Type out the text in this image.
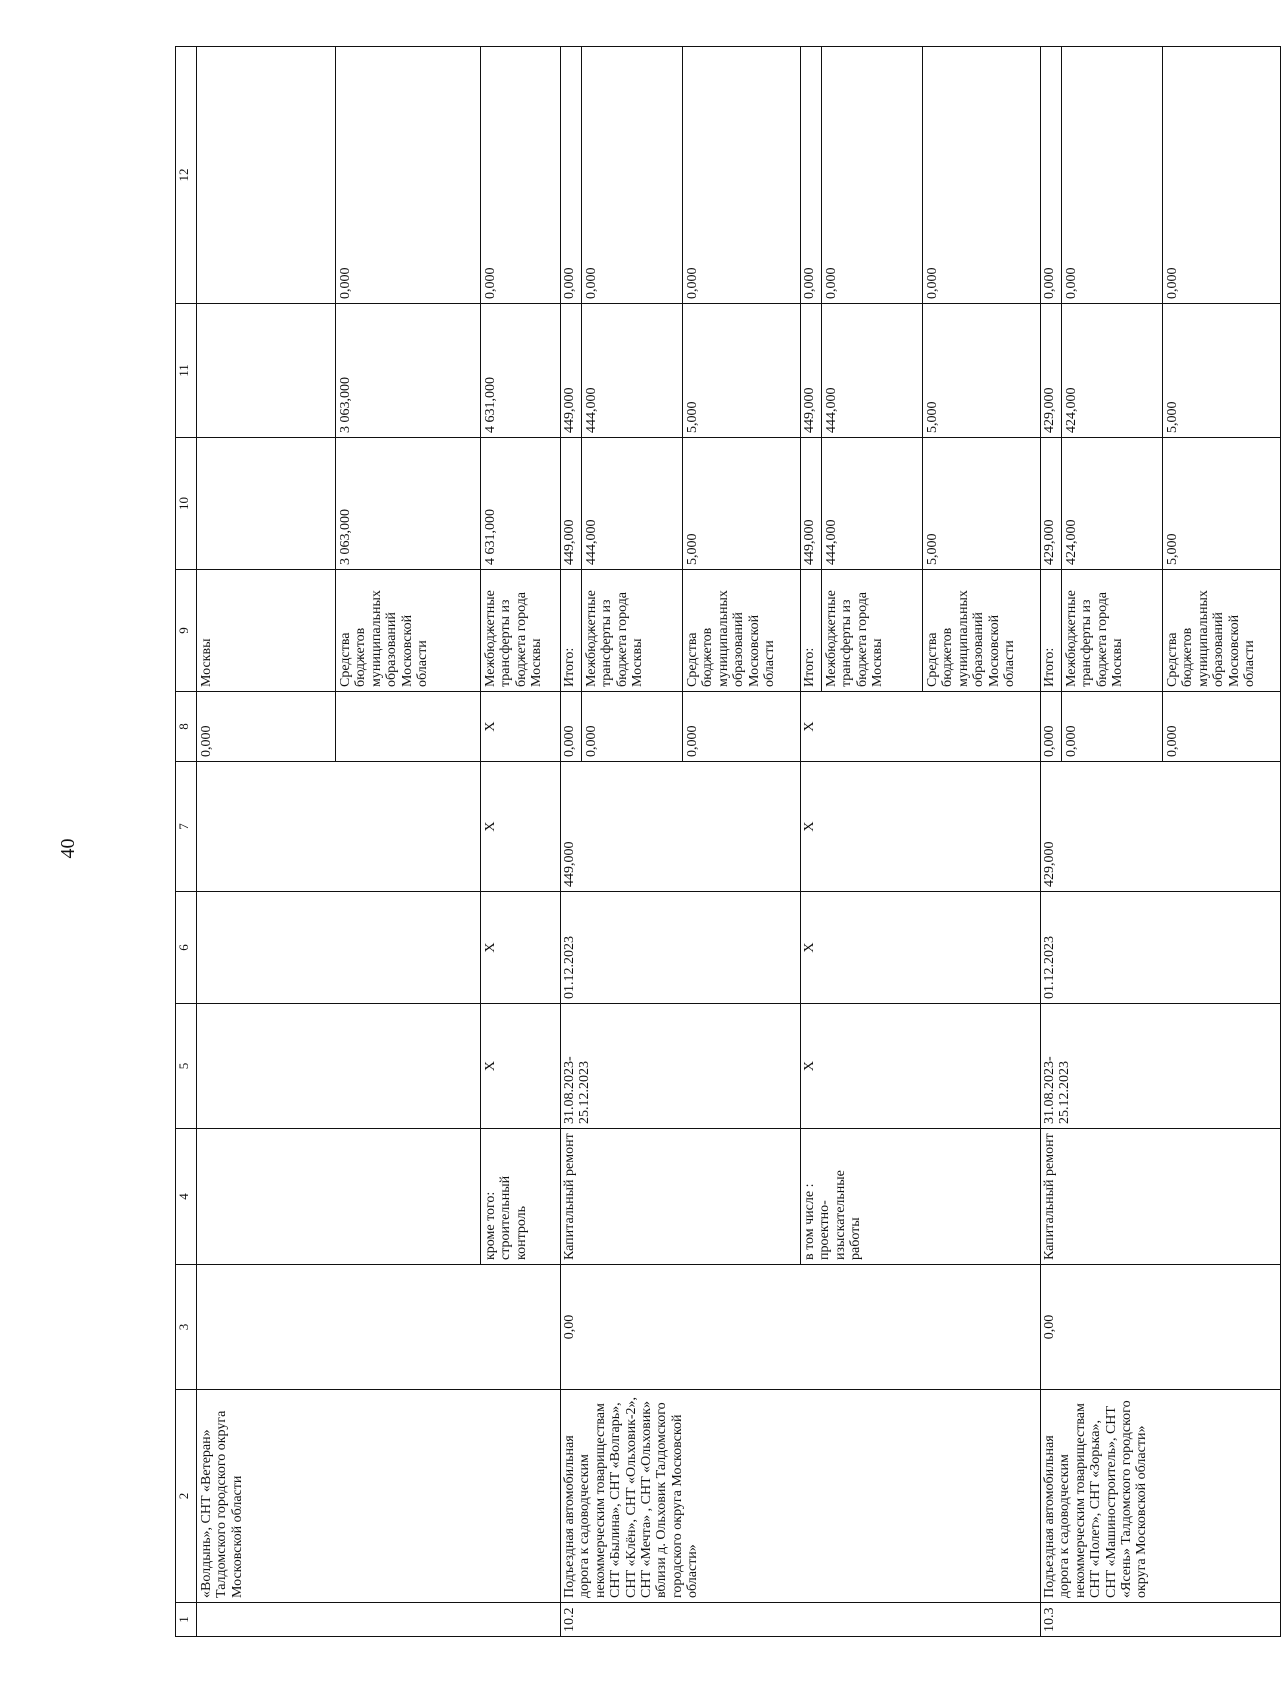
40
1	2	3	4	5	6	7	8	9	10	11	12
	«Волдынь», СНТ «Ветеран» Талдомского городского округа Московской области						0,000	Москвы			
								Средства бюджетов муниципальных образований Московской области	3 063,000	3 063,000	0,000
			кроме того: строительный контроль	Х	Х	Х	Х	Межбюджетные трансферты из бюджета города Москвы	4 631,000	4 631,000	0,000
10.2	Подъездная автомобильная дорога к садоводческим некоммерческим товариществам СНТ «Былина», СНТ «Волгарь», СНТ «Клён», СНТ «Ольховик-2», СНТ «Мечта» , СНТ «Ольховик» вблизи д. Ольховик Талдомского городского округа Московской области»	0,00	Капитальный ремонт	31.08.2023-25.12.2023	01.12.2023	449,000	0,000	Итого:	449,000	449,000	0,000
							0,000	Межбюджетные трансферты из бюджета города Москвы	444,000	444,000	0,000
							0,000	Средства бюджетов муниципальных образований Московской области	5,000	5,000	0,000
			в том числе : проектно-изыскательные работы	Х	Х	Х	Х	Итого:	449,000	449,000	0,000
								Межбюджетные трансферты из бюджета города Москвы	444,000	444,000	0,000
								Средства бюджетов муниципальных образований Московской области	5,000	5,000	0,000
10.3	Подъездная автомобильная дорога к садоводческим некоммерческим товариществам СНТ «Полет», СНТ «Зорька», СНТ «Машиностроитель», СНТ «Ясень» Талдомского городского округа Московской области»	0,00	Капитальный ремонт	31.08.2023-25.12.2023	01.12.2023	429,000	0,000	Итого:	429,000	429,000	0,000
							0,000	Межбюджетные трансферты из бюджета города Москвы	424,000	424,000	0,000
							0,000	Средства бюджетов муниципальных образований Московской области	5,000	5,000	0,000
